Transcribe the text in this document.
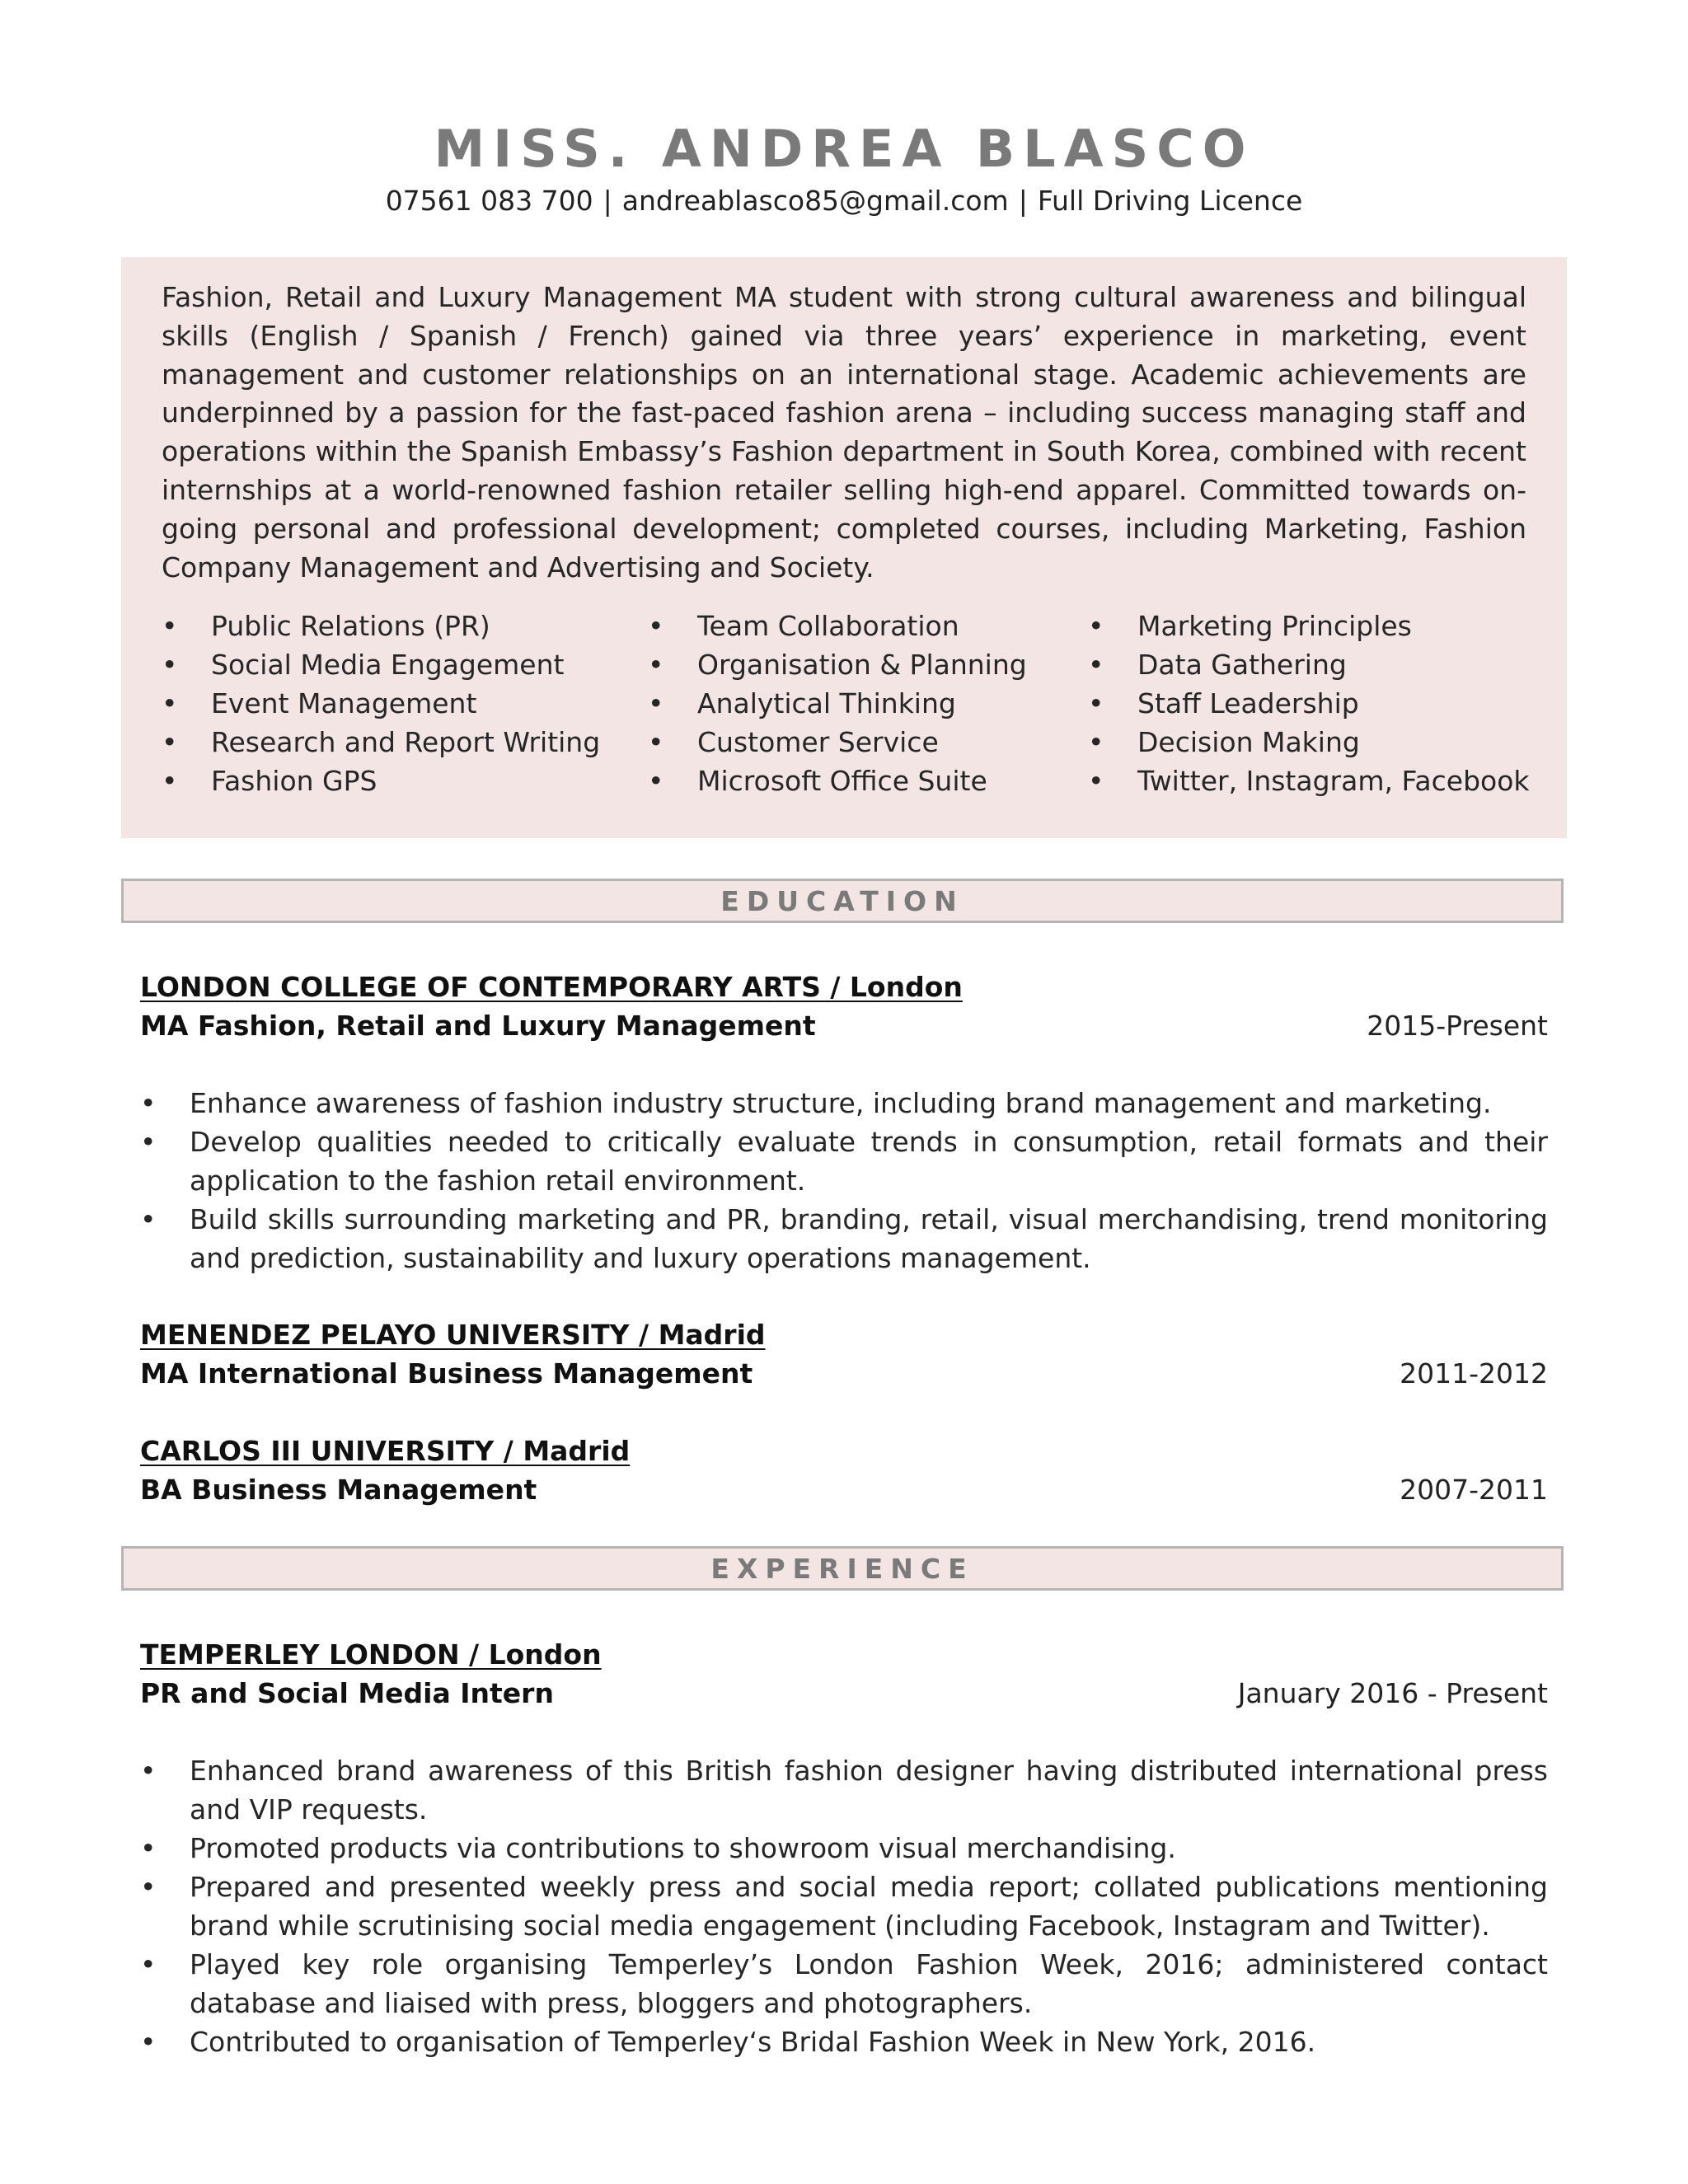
MISS. ANDREA BLASCO
07561 083 700 | andreablasco85@gmail.com | Full Driving Licence
Fashion, Retail and Luxury Management MA student with strong cultural awareness and bilingual skills (English / Spanish / French) gained via three years’ experience in marketing, event management and customer relationships on an international stage. Academic achievements are underpinned by a passion for the fast-paced fashion arena – including success managing staff and operations within the Spanish Embassy’s Fashion department in South Korea, combined with recent internships at a world-renowned fashion retailer selling high-end apparel. Committed towards on-going personal and professional development; completed courses, including Marketing, Fashion Company Management and Advertising and Society.
• Public Relations (PR)
• Social Media Engagement
• Event Management
• Research and Report Writing
• Fashion GPS
• Team Collaboration
• Organisation & Planning
• Analytical Thinking
• Customer Service
• Microsoft Office Suite
• Marketing Principles
• Data Gathering
• Staff Leadership
• Decision Making
• Twitter, Instagram, Facebook
EDUCATION
LONDON COLLEGE OF CONTEMPORARY ARTS / London
MA Fashion, Retail and Luxury Management	2015-Present
• Enhance awareness of fashion industry structure, including brand management and marketing.
• Develop qualities needed to critically evaluate trends in consumption, retail formats and their application to the fashion retail environment.
• Build skills surrounding marketing and PR, branding, retail, visual merchandising, trend monitoring and prediction, sustainability and luxury operations management.
MENENDEZ PELAYO UNIVERSITY / Madrid
MA International Business Management	2011-2012
CARLOS III UNIVERSITY / Madrid
BA Business Management	2007-2011
EXPERIENCE
TEMPERLEY LONDON / London
PR and Social Media Intern	January 2016 - Present
• Enhanced brand awareness of this British fashion designer having distributed international press and VIP requests.
• Promoted products via contributions to showroom visual merchandising.
• Prepared and presented weekly press and social media report; collated publications mentioning brand while scrutinising social media engagement (including Facebook, Instagram and Twitter).
• Played key role organising Temperley’s London Fashion Week, 2016; administered contact database and liaised with press, bloggers and photographers.
• Contributed to organisation of Temperley‘s Bridal Fashion Week in New York, 2016.
